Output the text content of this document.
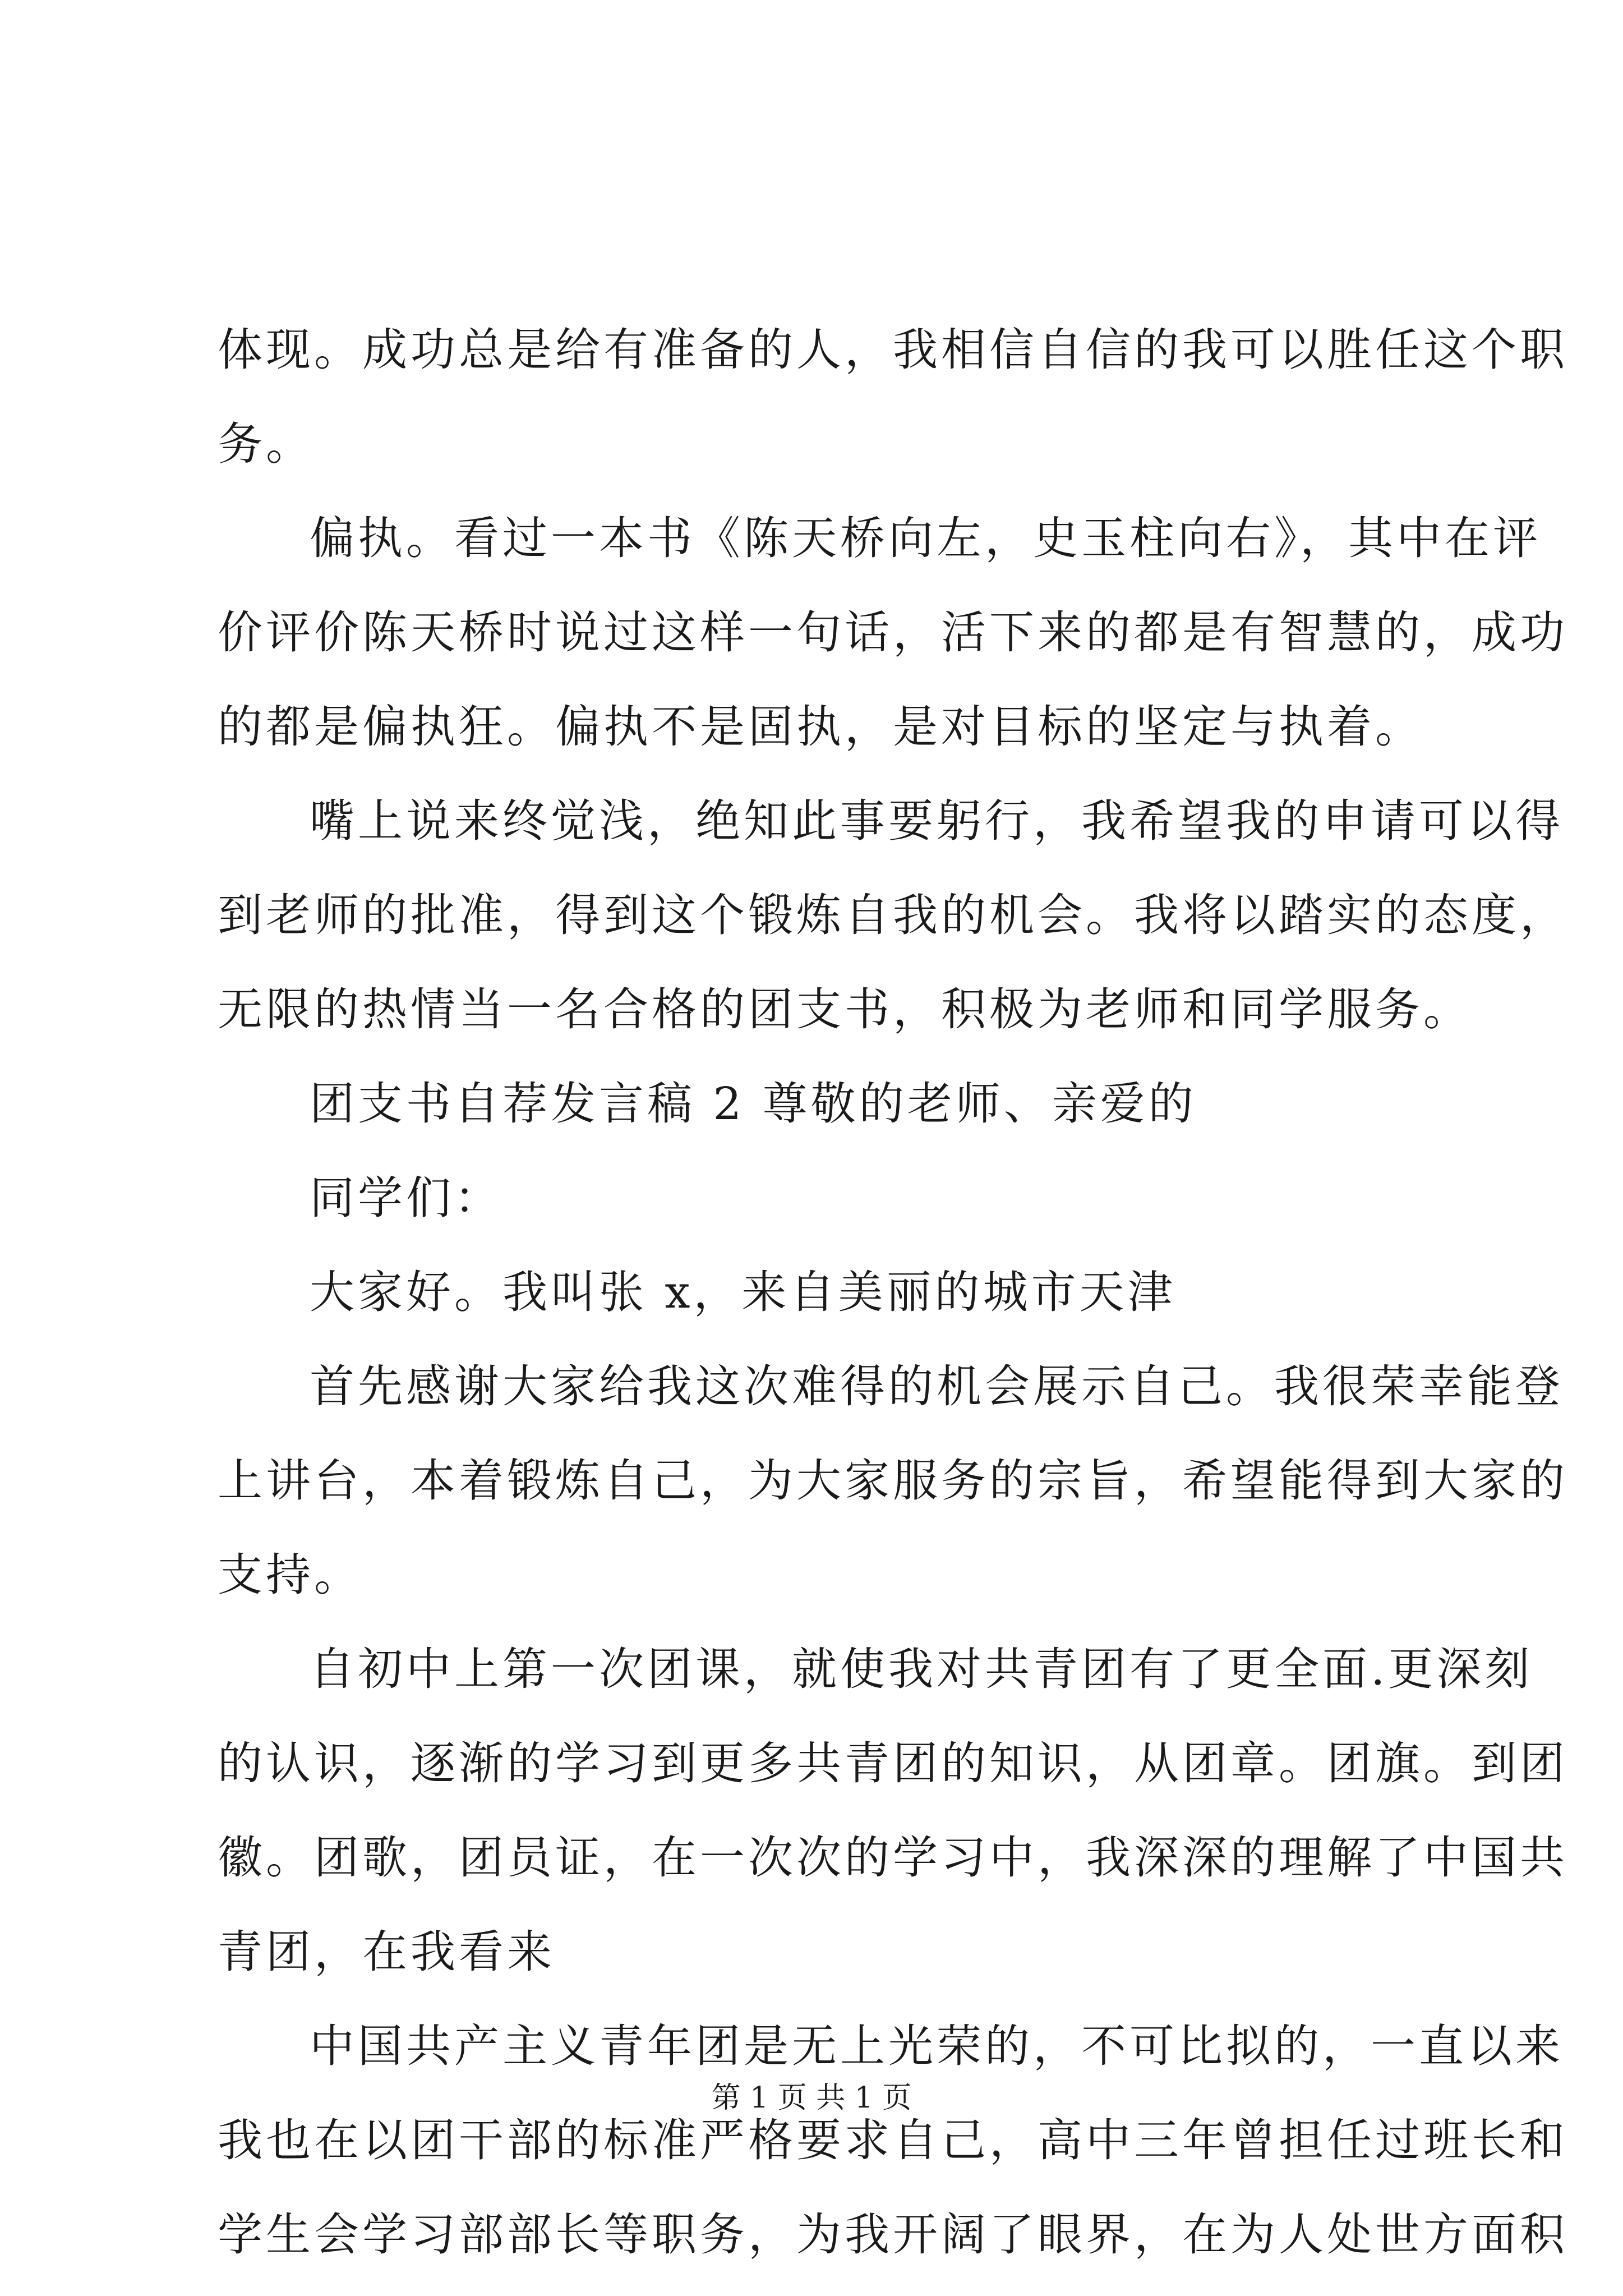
体现。成功总是给有准备的人，我相信自信的我可以胜任这个职
务。
偏执。看过一本书《陈天桥向左，史玉柱向右》，其中在评
价评价陈天桥时说过这样一句话，活下来的都是有智慧的，成功
的都是偏执狂。偏执不是固执，是对目标的坚定与执着。
嘴上说来终觉浅，绝知此事要躬行，我希望我的申请可以得
到老师的批准，得到这个锻炼自我的机会。我将以踏实的态度，
无限的热情当一名合格的团支书，积极为老师和同学服务。
团支书自荐发言稿 2 尊敬的老师、亲爱的
同学们：
大家好。我叫张 x，来自美丽的城市天津
首先感谢大家给我这次难得的机会展示自己。我很荣幸能登
上讲台，本着锻炼自己，为大家服务的宗旨，希望能得到大家的
支持。
自初中上第一次团课，就使我对共青团有了更全面.更深刻
的认识，逐渐的学习到更多共青团的知识，从团章。团旗。到团
徽。团歌，团员证，在一次次的学习中，我深深的理解了中国共
青团，在我看来
中国共产主义青年团是无上光荣的，不可比拟的，一直以来
我也在以团干部的标准严格要求自己，高中三年曾担任过班长和
学生会学习部部长等职务，为我开阔了眼界，在为人处世方面积
第 1 页 共 1 页
